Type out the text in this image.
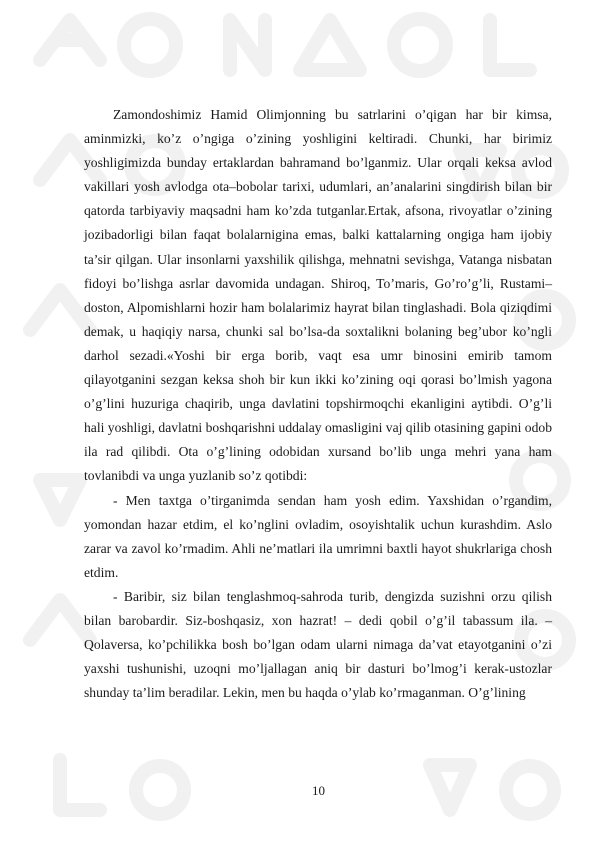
Zamondoshimiz Hamid Olimjonning bu satrlarini o’qigan har bir kimsa, aminmizki, ko’z o’ngiga o’zining yoshligini keltiradi. Chunki, har birimiz yoshligimizda bunday ertaklardan bahramand bo’lganmiz. Ular orqali keksa avlod vakillari yosh avlodga ota–bobolar tarixi, udumlari, an’analarini singdirish bilan bir qatorda tarbiyaviy maqsadni ham ko’zda tutganlar.Ertak, afsona, rivoyatlar o’zining jozibadorligi bilan faqat bolalarnigina emas, balki kattalarning ongiga ham ijobiy ta’sir qilgan. Ular insonlarni yaxshilik qilishga, mehnatni sevishga, Vatanga nisbatan fidoyi bo’lishga asrlar davomida undagan. Shiroq, To’maris, Go’ro’g’li, Rustami–doston, Alpomishlarni hozir ham bolalarimiz hayrat bilan tinglashadi. Bola qiziqdimi demak, u haqiqiy narsa, chunki sal bo’lsa-da soxtalikni bolaning beg’ubor ko’ngli darhol sezadi.«Yoshi bir erga borib, vaqt esa umr binosini emirib tamom qilayotganini sezgan keksa shoh bir kun ikki ko’zining oqi qorasi bo’lmish yagona o’g’lini huzuriga chaqirib, unga davlatini topshirmoqchi ekanligini aytibdi. O’g’li hali yoshligi, davlatni boshqarishni uddalay omasligini vaj qilib otasining gapini odob ila rad qilibdi. Ota o’g’lining odobidan xursand bo’lib unga mehri yana ham tovlanibdi va unga yuzlanib so’z qotibdi:

- Men taxtga o’tirganimda sendan ham yosh edim. Yaxshidan o’rgandim, yomondan hazar etdim, el ko’nglini ovladim, osoyishtalik uchun kurashdim. Aslo zarar va zavol ko’rmadim. Ahli ne’matlari ila umrimni baxtli hayot shukrlariga chosh etdim.

- Baribir, siz bilan tenglashmoq-sahroda turib, dengizda suzishni orzu qilish bilan barobardir. Siz-boshqasiz, xon hazrat! – dedi qobil o’g’il tabassum ila. – Qolaversa, ko’pchilikka bosh bo’lgan odam ularni nimaga da’vat etayotganini o’zi yaxshi tushunishi, uzoqni mo’ljallagan aniq bir dasturi bo’lmog’i kerak-ustozlar shunday ta’lim beradilar. Lekin, men bu haqda o’ylab ko’rmaganman. O’g’lining

10
